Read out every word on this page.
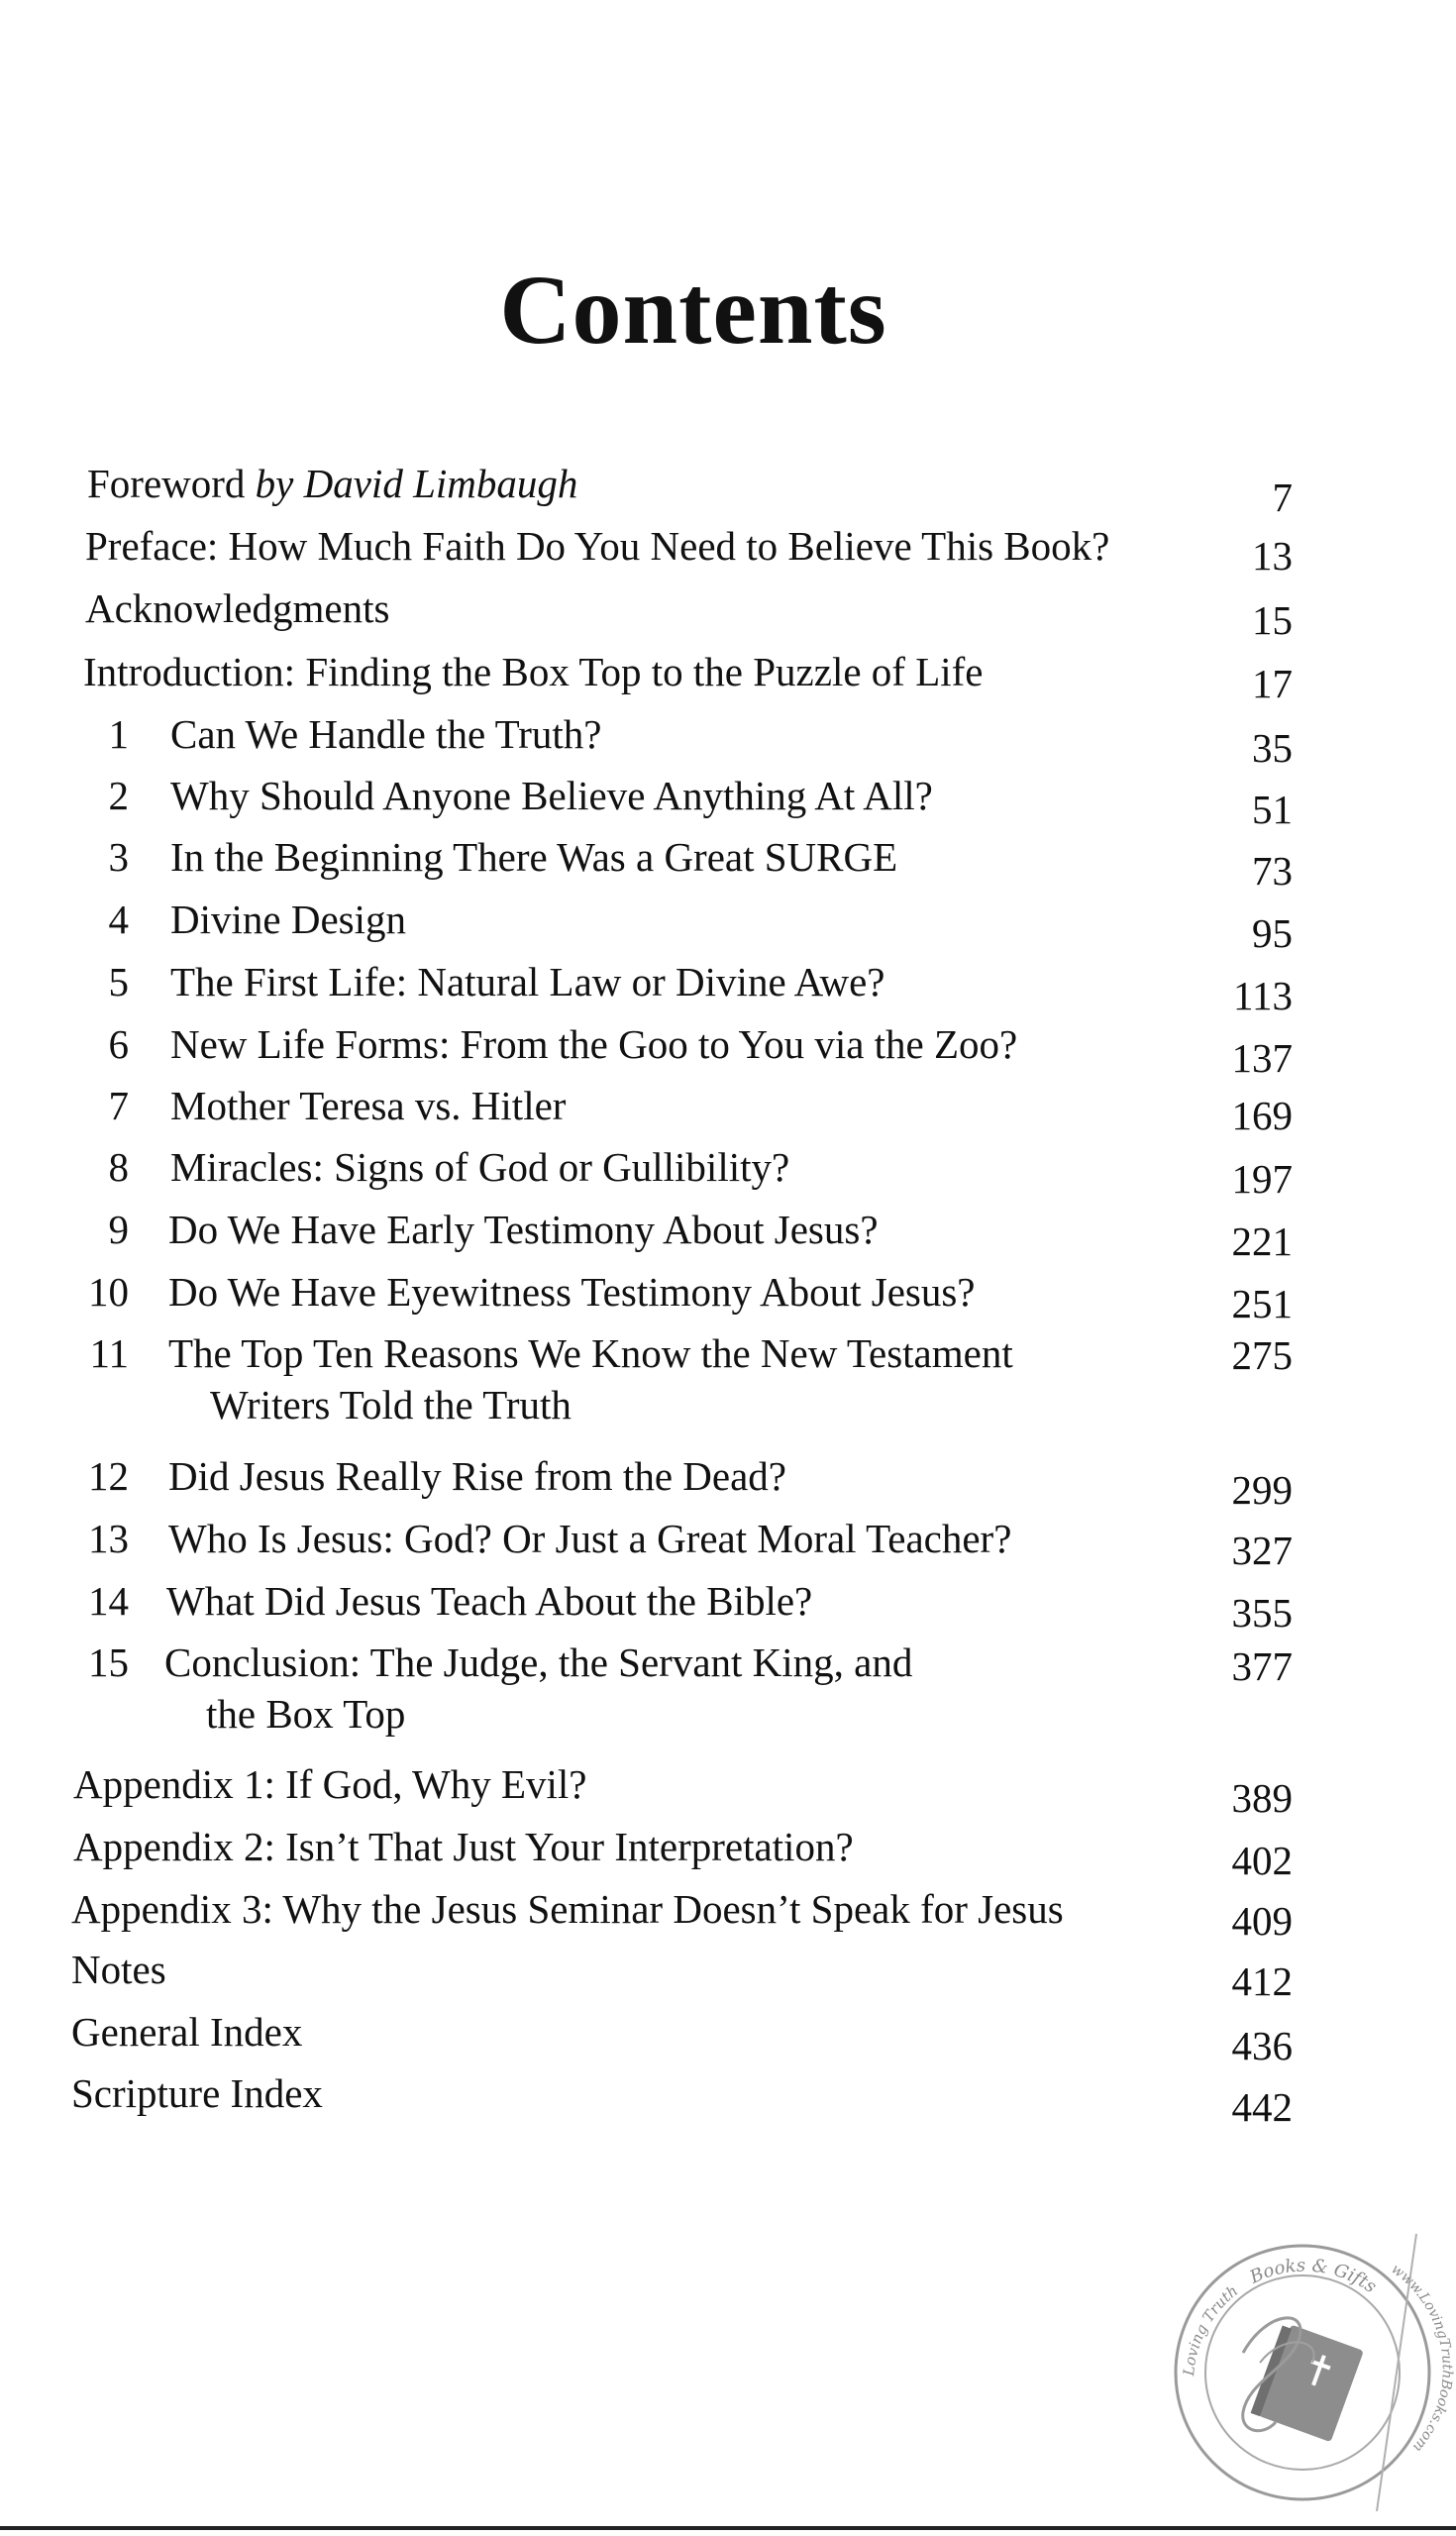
Contents
Foreword by David Limbaugh	7
Preface: How Much Faith Do You Need to Believe This Book?	13
Acknowledgments	15
Introduction: Finding the Box Top to the Puzzle of Life	17
1 Can We Handle the Truth?	35
2 Why Should Anyone Believe Anything At All?	51
3 In the Beginning There Was a Great SURGE	73
4 Divine Design	95
5 The First Life: Natural Law or Divine Awe?	113
6 New Life Forms: From the Goo to You via the Zoo?	137
7 Mother Teresa vs. Hitler	169
8 Miracles: Signs of God or Gullibility?	197
9 Do We Have Early Testimony About Jesus?	221
10 Do We Have Eyewitness Testimony About Jesus?	251
11 The Top Ten Reasons We Know the New Testament
Writers Told the Truth
275
12 Did Jesus Really Rise from the Dead?	299
13 Who Is Jesus: God? Or Just a Great Moral Teacher?	327
14 What Did Jesus Teach About the Bible?	355
15 Conclusion: The Judge, the Servant King, and
the Box Top
377
Appendix 1: If God, Why Evil?	389
Appendix 2: Isn’t That Just Your Interpretation?	402
Appendix 3: Why the Jesus Seminar Doesn’t Speak for Jesus	409
Notes	412
General Index	436
Scripture Index	442
Books & Gifts
Loving Truth
www.LovingTruthBooks.com
